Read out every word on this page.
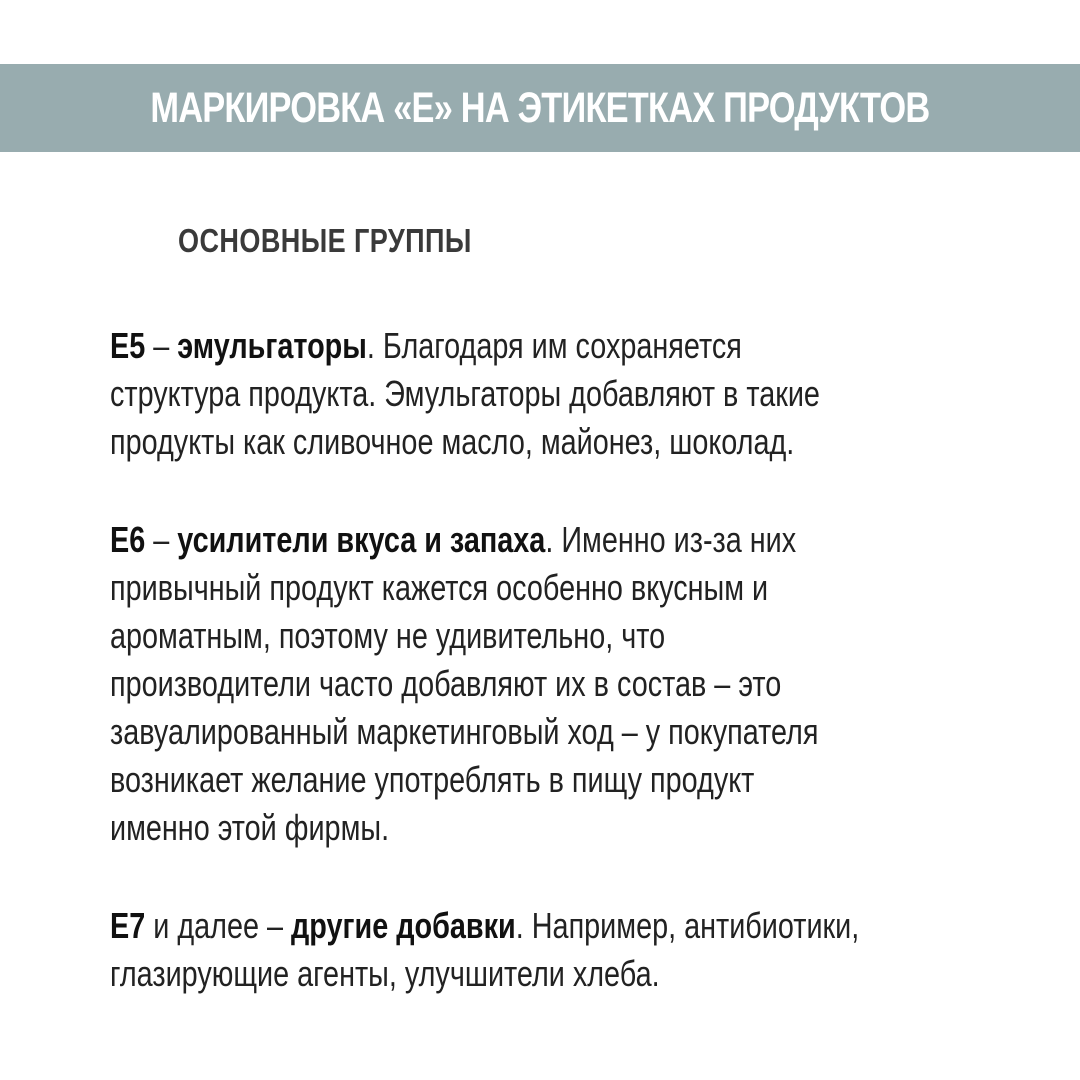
МАРКИРОВКА «Е» НА ЭТИКЕТКАХ ПРОДУКТОВ
ОСНОВНЫЕ ГРУППЫ

E5 – эмульгаторы. Благодаря им сохраняется
структура продукта. Эмульгаторы добавляют в такие
продукты как сливочное масло, майонез, шоколад.

E6 – усилители вкуса и запаха. Именно из-за них
привычный продукт кажется особенно вкусным и
ароматным, поэтому не удивительно, что
производители часто добавляют их в состав – это
завуалированный маркетинговый ход – у покупателя
возникает желание употреблять в пищу продукт
именно этой фирмы.

E7 и далее – другие добавки. Например, антибиотики,
глазирующие агенты, улучшители хлеба.
